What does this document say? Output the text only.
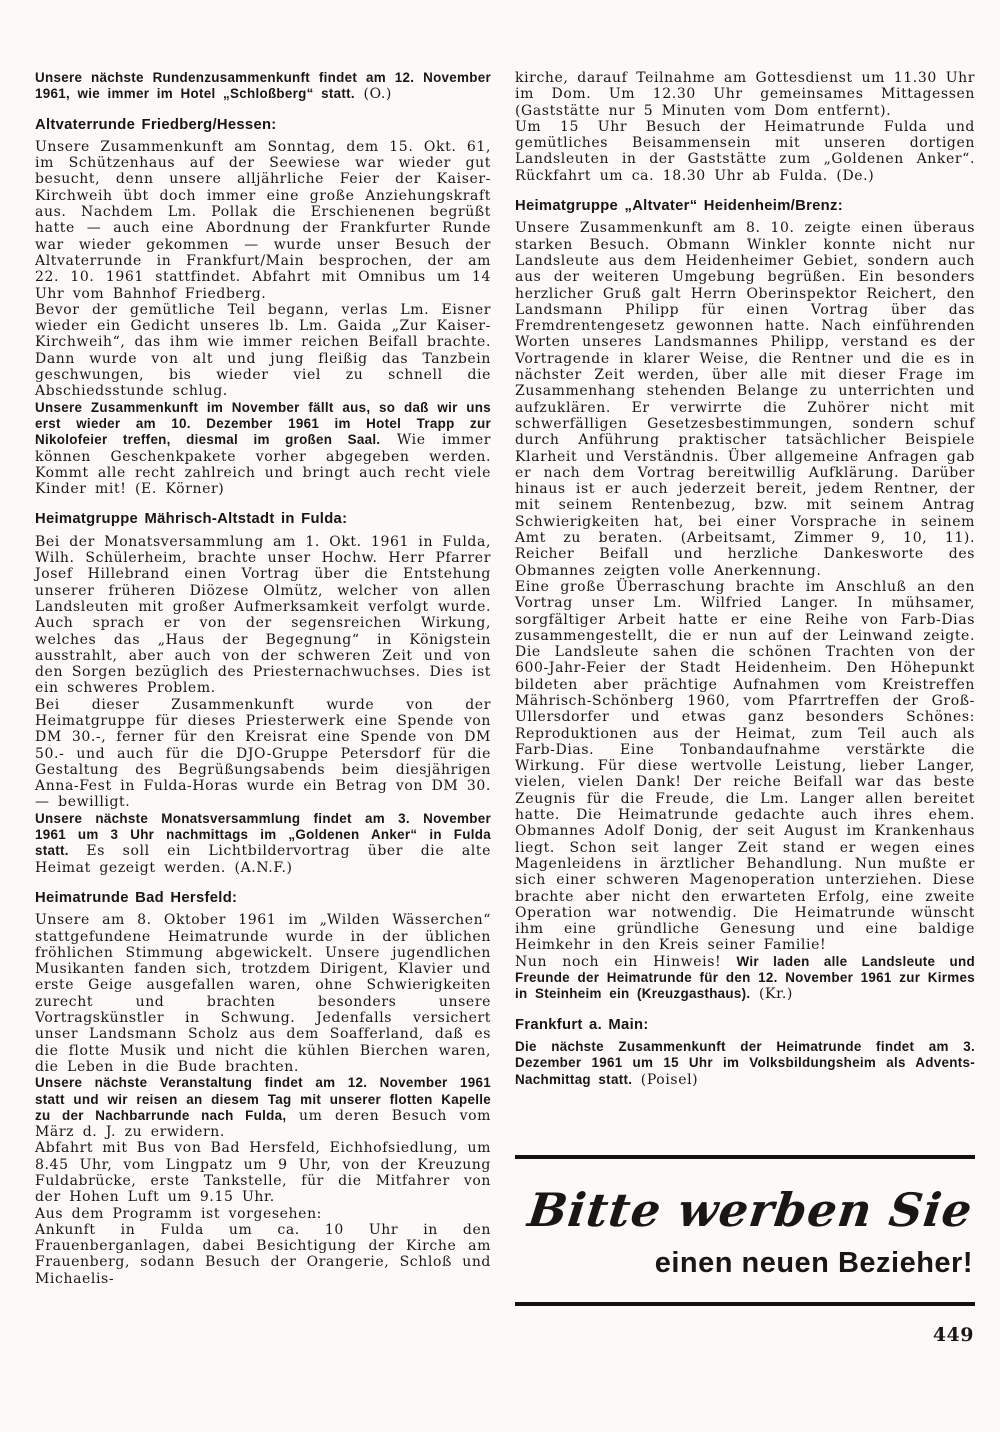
Unsere nächste Rundenzusammenkunft findet am 12. November 1961, wie immer im Hotel „Schloßberg“ statt. (O.)

Altvaterrunde Friedberg/Hessen:

Unsere Zusammenkunft am Sonntag, dem 15. Okt. 61, im Schützenhaus auf der Seewiese war wieder gut besucht, denn unsere alljährliche Feier der Kaiser-Kirchweih übt doch immer eine große Anziehungskraft aus. Nachdem Lm. Pollak die Erschienenen begrüßt hatte — auch eine Abordnung der Frankfurter Runde war wieder gekommen — wurde unser Besuch der Altvaterrunde in Frankfurt/Main besprochen, der am 22. 10. 1961 stattfindet. Abfahrt mit Omnibus um 14 Uhr vom Bahnhof Friedberg.

Bevor der gemütliche Teil begann, verlas Lm. Eisner wieder ein Gedicht unseres lb. Lm. Gaida „Zur Kaiser-Kirchweih“, das ihm wie immer reichen Beifall brachte. Dann wurde von alt und jung fleißig das Tanzbein geschwungen, bis wieder viel zu schnell die Abschiedsstunde schlug.

Unsere Zusammenkunft im November fällt aus, so daß wir uns erst wieder am 10. Dezember 1961 im Hotel Trapp zur Nikolofeier treffen, diesmal im großen Saal. Wie immer können Geschenkpakete vorher abgegeben werden. Kommt alle recht zahlreich und bringt auch recht viele Kinder mit! (E. Körner)

Heimatgruppe Mährisch-Altstadt in Fulda:

Bei der Monatsversammlung am 1. Okt. 1961 in Fulda, Wilh. Schülerheim, brachte unser Hochw. Herr Pfarrer Josef Hillebrand einen Vortrag über die Entstehung unserer früheren Diözese Olmütz, welcher von allen Landsleuten mit großer Aufmerksamkeit verfolgt wurde. Auch sprach er von der segensreichen Wirkung, welches das „Haus der Begegnung“ in Königstein ausstrahlt, aber auch von der schweren Zeit und von den Sorgen bezüglich des Priesternachwuchses. Dies ist ein schweres Problem.

Bei dieser Zusammenkunft wurde von der Heimatgruppe für dieses Priesterwerk eine Spende von DM 30.-, ferner für den Kreisrat eine Spende von DM 50.- und auch für die DJO-Gruppe Petersdorf für die Gestaltung des Begrüßungsabends beim diesjährigen Anna-Fest in Fulda-Horas wurde ein Betrag von DM 30.— bewilligt.

Unsere nächste Monatsversammlung findet am 3. November 1961 um 3 Uhr nachmittags im „Goldenen Anker“ in Fulda statt. Es soll ein Lichtbildervortrag über die alte Heimat gezeigt werden. (A.N.F.)

Heimatrunde Bad Hersfeld:

Unsere am 8. Oktober 1961 im „Wilden Wässerchen“ stattgefundene Heimatrunde wurde in der üblichen fröhlichen Stimmung abgewickelt. Unsere jugendlichen Musikanten fanden sich, trotzdem Dirigent, Klavier und erste Geige ausgefallen waren, ohne Schwierigkeiten zurecht und brachten besonders unsere Vortragskünstler in Schwung. Jedenfalls versichert unser Landsmann Scholz aus dem Soafferland, daß es die flotte Musik und nicht die kühlen Bierchen waren, die Leben in die Bude brachten.

Unsere nächste Veranstaltung findet am 12. November 1961 statt und wir reisen an diesem Tag mit unserer flotten Kapelle zu der Nachbarrunde nach Fulda, um deren Besuch vom März d. J. zu erwidern.

Abfahrt mit Bus von Bad Hersfeld, Eichhofsiedlung, um 8.45 Uhr, vom Lingpatz um 9 Uhr, von der Kreuzung Fuldabrücke, erste Tankstelle, für die Mitfahrer von der Hohen Luft um 9.15 Uhr.

Aus dem Programm ist vorgesehen:

Ankunft in Fulda um ca. 10 Uhr in den Frauenberganlagen, dabei Besichtigung der Kirche am Frauenberg, sodann Besuch der Orangerie, Schloß und Michaelis-

kirche, darauf Teilnahme am Gottesdienst um 11.30 Uhr im Dom. Um 12.30 Uhr gemeinsames Mittagessen (Gaststätte nur 5 Minuten vom Dom entfernt).

Um 15 Uhr Besuch der Heimatrunde Fulda und gemütliches Beisammensein mit unseren dortigen Landsleuten in der Gaststätte zum „Goldenen Anker“. Rückfahrt um ca. 18.30 Uhr ab Fulda. (De.)

Heimatgruppe „Altvater“ Heidenheim/Brenz:

Unsere Zusammenkunft am 8. 10. zeigte einen überaus starken Besuch. Obmann Winkler konnte nicht nur Landsleute aus dem Heidenheimer Gebiet, sondern auch aus der weiteren Umgebung begrüßen. Ein besonders herzlicher Gruß galt Herrn Oberinspektor Reichert, den Landsmann Philipp für einen Vortrag über das Fremdrentengesetz gewonnen hatte. Nach einführenden Worten unseres Landsmannes Philipp, verstand es der Vortragende in klarer Weise, die Rentner und die es in nächster Zeit werden, über alle mit dieser Frage im Zusammenhang stehenden Belange zu unterrichten und aufzuklären. Er verwirrte die Zuhörer nicht mit schwerfälligen Gesetzesbestimmungen, sondern schuf durch Anführung praktischer tatsächlicher Beispiele Klarheit und Verständnis. Über allgemeine Anfragen gab er nach dem Vortrag bereitwillig Aufklärung. Darüber hinaus ist er auch jederzeit bereit, jedem Rentner, der mit seinem Rentenbezug, bzw. mit seinem Antrag Schwierigkeiten hat, bei einer Vorsprache in seinem Amt zu beraten. (Arbeitsamt, Zimmer 9, 10, 11). Reicher Beifall und herzliche Dankesworte des Obmannes zeigten volle Anerkennung.

Eine große Überraschung brachte im Anschluß an den Vortrag unser Lm. Wilfried Langer. In mühsamer, sorgfältiger Arbeit hatte er eine Reihe von Farb-Dias zusammengestellt, die er nun auf der Leinwand zeigte. Die Landsleute sahen die schönen Trachten von der 600-Jahr-Feier der Stadt Heidenheim. Den Höhepunkt bildeten aber prächtige Aufnahmen vom Kreistreffen Mährisch-Schönberg 1960, vom Pfarrtreffen der Groß-Ullersdorfer und etwas ganz besonders Schönes: Reproduktionen aus der Heimat, zum Teil auch als Farb-Dias. Eine Tonbandaufnahme verstärkte die Wirkung. Für diese wertvolle Leistung, lieber Langer, vielen, vielen Dank! Der reiche Beifall war das beste Zeugnis für die Freude, die Lm. Langer allen bereitet hatte. Die Heimatrunde gedachte auch ihres ehem. Obmannes Adolf Donig, der seit August im Krankenhaus liegt. Schon seit langer Zeit stand er wegen eines Magenleidens in ärztlicher Behandlung. Nun mußte er sich einer schweren Magenoperation unterziehen. Diese brachte aber nicht den erwarteten Erfolg, eine zweite Operation war notwendig. Die Heimatrunde wünscht ihm eine gründliche Genesung und eine baldige Heimkehr in den Kreis seiner Familie!

Nun noch ein Hinweis! Wir laden alle Landsleute und Freunde der Heimatrunde für den 12. November 1961 zur Kirmes in Steinheim ein (Kreuzgasthaus). (Kr.)

Frankfurt a. Main:

Die nächste Zusammenkunft der Heimatrunde findet am 3. Dezember 1961 um 15 Uhr im Volksbildungsheim als Advents-Nachmittag statt. (Poisel)

Bitte werben Sie
einen neuen Bezieher!
449
